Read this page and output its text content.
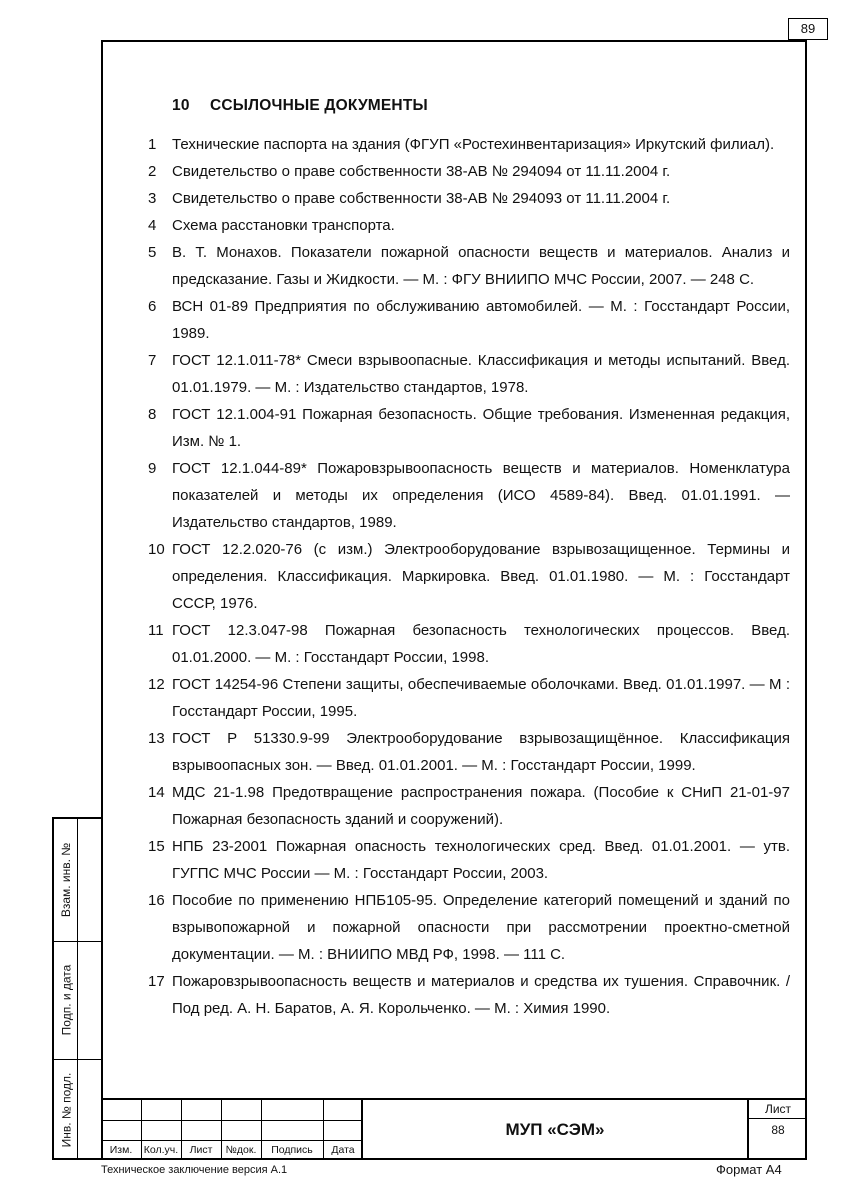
89
10 ССЫЛОЧНЫЕ ДОКУМЕНТЫ
1	Технические паспорта на здания (ФГУП «Ростехинвентаризация» Иркутский филиал).
2	Свидетельство о праве собственности 38-АВ № 294094 от 11.11.2004 г.
3	Свидетельство о праве собственности 38-АВ № 294093 от 11.11.2004 г.
4	Схема расстановки транспорта.
5	В. Т. Монахов. Показатели пожарной опасности веществ и материалов. Анализ и предсказание. Газы и Жидкости. — М. : ФГУ ВНИИПО МЧС России, 2007. — 248 С.
6	ВСН 01-89 Предприятия по обслуживанию автомобилей. — М. : Госстандарт России, 1989.
7	ГОСТ 12.1.011-78* Смеси взрывоопасные. Классификация и методы испытаний. Введ. 01.01.1979. — М. : Издательство стандартов, 1978.
8	ГОСТ 12.1.004-91 Пожарная безопасность. Общие требования. Измененная редакция, Изм. № 1.
9	ГОСТ 12.1.044-89* Пожаровзрывоопасность веществ и материалов. Номенклатура показателей и методы их определения (ИСО 4589-84). Введ. 01.01.1991. — Издательство стандартов, 1989.
10 ГОСТ 12.2.020-76 (с изм.) Электрооборудование взрывозащищенное. Термины и определения. Классификация. Маркировка. Введ. 01.01.1980. — М. : Госстандарт СССР, 1976.
11 ГОСТ 12.3.047-98 Пожарная безопасность технологических процессов. Введ. 01.01.2000. — М. : Госстандарт России, 1998.
12 ГОСТ 14254-96 Степени защиты, обеспечиваемые оболочками. Введ. 01.01.1997. — М : Госстандарт России, 1995.
13 ГОСТ Р 51330.9-99 Электрооборудование взрывозащищённое. Классификация взрывоопасных зон. — Введ. 01.01.2001. — М. : Госстандарт России, 1999.
14 МДС 21-1.98 Предотвращение распространения пожара. (Пособие к СНиП 21-01-97 Пожарная безопасность зданий и сооружений).
15 НПБ 23-2001 Пожарная опасность технологических сред. Введ. 01.01.2001. — утв. ГУГПС МЧС России — М. : Госстандарт России, 2003.
16 Пособие по применению НПБ105-95. Определение категорий помещений и зданий по взрывопожарной и пожарной опасности при рассмотрении проектно-сметной документации. — М. : ВНИИПО МВД РФ, 1998. — 111 С.
17 Пожаровзрывоопасность веществ и материалов и средства их тушения. Справочник. / Под ред. А. Н. Баратов, А. Я. Корольченко. — М. : Химия 1990.
Взам. инв. №
Подп. и дата
Инв. № подл.
Изм.	Кол.уч.	Лист	№док.	Подпись	Дата
МУП «СЭМ»
Лист
88
Техническое заключение версия А.1	Формат А4
